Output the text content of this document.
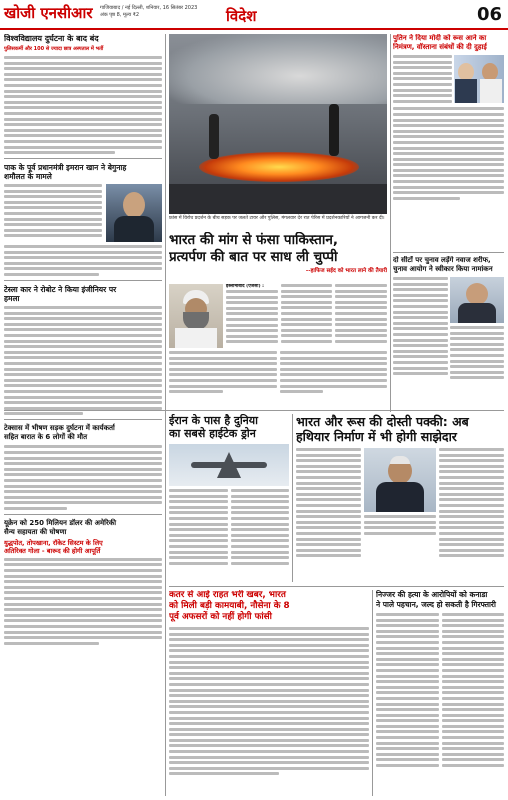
खोजी एनसीआर गाजियाबाद / नई दिल्ली, शनिवार, 16 सितंबर 2023
अंक पृष्ठ 8, मूल्य ₹2	विदेश	06
विश्वविद्यालय दुर्घटना के बाद बंद
पुलिसकर्मी और 100 से ज्यादा छात्र अस्पताल में भर्ती
पाक के पूर्व प्रधानमंत्री इमरान खान ने बेगुनाह
शमौलत के मामले
टेस्ला कार ने रोबोट ने किया इंजीनियर पर
हमला
टेक्सास में भीषण सड़क दुर्घटना में कार्यकर्ता
सहित बारात के 6 लोगों की मौत
यूक्रेन को 250 मिलियन डॉलर की अमेरिकी
सैन्य सहायता की घोषणा
युद्धपोत, तोपखाना, रॉकेट सिस्टम के लिए
अतिरिक्त गोला - बारूद की होगी आपूर्ति
फ्रांस में विरोध प्रदर्शन के बीच सड़क पर जलते टायर और पुलिस, मंगलवार देर रात पेरिस में प्रदर्शनकारियों ने आगजनी कर दी।
भारत की मांग से फंसा पाकिस्तान,
प्रत्यर्पण की बात पर साध ली चुप्पी
--हाफिज सईद को भारत लाने की तैयारी
इस्लामाबाद (एजेंसी) :
पुतिन ने दिया मोदी को रूस आने का
निमंत्रण, वॉस्ताना संबंधों की दी दुहाई
दो सीटों पर चुनाव लड़ेंगे नवाज शरीफ,
चुनाव आयोग ने स्वीकार किया नामांकन
ईरान के पास है दुनिया
का सबसे हाईटेक ड्रोन
भारत और रूस की दोस्ती पक्की: अब
हथियार निर्माण में भी होगी साझेदार
कतर से आई राहत भरी खबर, भारत
को मिली बड़ी कामयाबी, नौसेना के 8
पूर्व अफसरों को नहीं होगी फांसी
निज्जर की हत्या के आरोपियों को कनाडा
ने पाले पहचान, जल्द हो सकती है गिरफ्तारी
